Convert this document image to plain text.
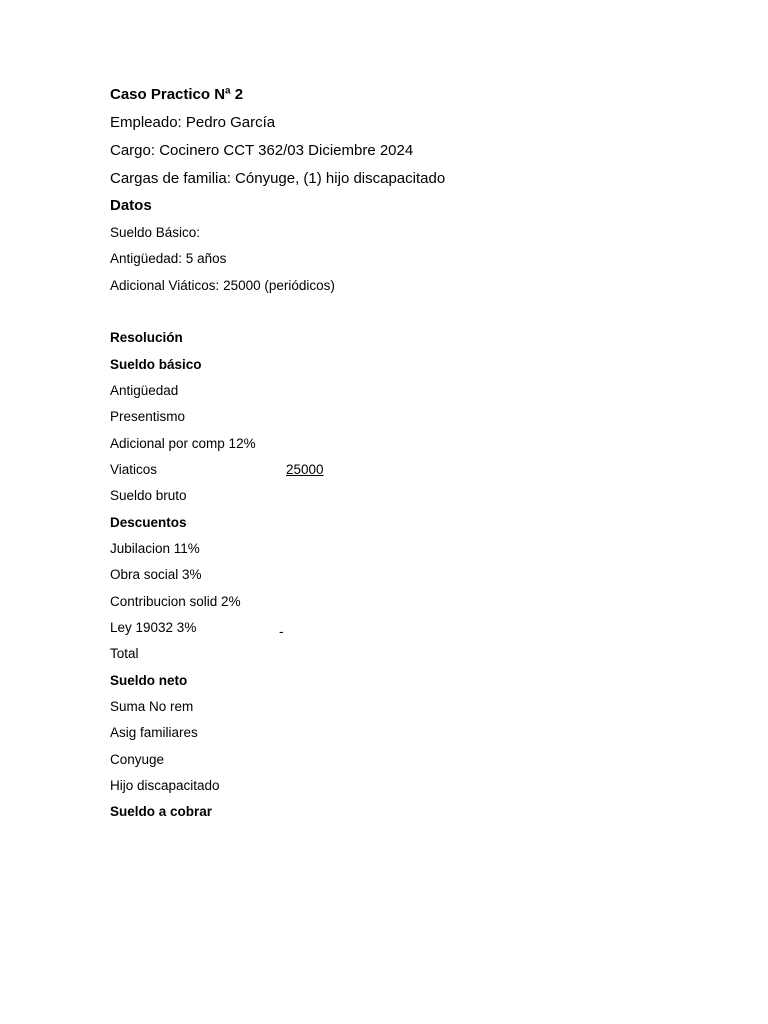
Caso Practico Nª 2
Empleado: Pedro García
Cargo: Cocinero CCT 362/03 Diciembre 2024
Cargas de familia: Cónyuge, (1) hijo discapacitado
Datos
Sueldo Básico:
Antigüedad: 5 años
Adicional Viáticos: 25000 (periódicos)
Resolución
Sueldo básico
Antigüedad
Presentismo
Adicional por comp 12%
Viaticos	25000
Sueldo bruto
Descuentos
Jubilacion 11%
Obra social 3%
Contribucion solid 2%
Ley 19032 3%	-
Total
Sueldo neto
Suma No rem
Asig familiares
Conyuge
Hijo discapacitado
Sueldo a cobrar
